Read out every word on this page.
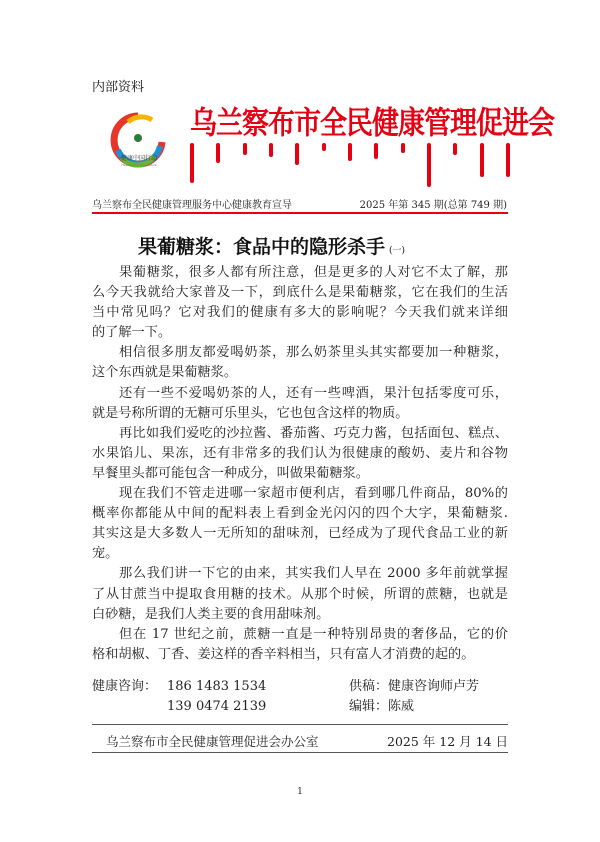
内部资料
健康中国行动
Healthy China Initiative
乌兰察布市全民健康管理促进会
乌兰察布全民健康管理服务中心健康教育宣导	2025 年第 345 期(总第 749 期)
果葡糖浆：食品中的隐形杀手 (一)
果葡糖浆，很多人都有所注意，但是更多的人对它不太了解，那
么今天我就给大家普及一下，到底什么是果葡糖浆，它在我们的生活
当中常见吗？它对我们的健康有多大的影响呢？今天我们就来详细
的了解一下。
相信很多朋友都爱喝奶茶，那么奶茶里头其实都要加一种糖浆，
这个东西就是果葡糖浆。
还有一些不爱喝奶茶的人，还有一些啤酒，果汁包括零度可乐，
就是号称所谓的无糖可乐里头，它也包含这样的物质。
再比如我们爱吃的沙拉酱、番茄酱、巧克力酱，包括面包、糕点、
水果馅儿、果冻，还有非常多的我们认为很健康的酸奶、麦片和谷物
早餐里头都可能包含一种成分，叫做果葡糖浆。
现在我们不管走进哪一家超市便利店，看到哪几件商品，80%的
概率你都能从中间的配料表上看到金光闪闪的四个大字，果葡糖浆.
其实这是大多数人一无所知的甜味剂，已经成为了现代食品工业的新
宠。
那么我们讲一下它的由来，其实我们人早在 2000 多年前就掌握
了从甘蔗当中提取食用糖的技术。从那个时候，所谓的蔗糖，也就是
白砂糖，是我们人类主要的食用甜味剂。
但在 17 世纪之前，蔗糖一直是一种特别昂贵的奢侈品，它的价
格和胡椒、丁香、姜这样的香辛料相当，只有富人才消费的起的。
健康咨询： 186 1483 1534	供稿：健康咨询师卢芳
139 0474 2139	编辑：陈威
乌兰察布市全民健康管理促进会办公室	2025 年 12 月 14 日
1
